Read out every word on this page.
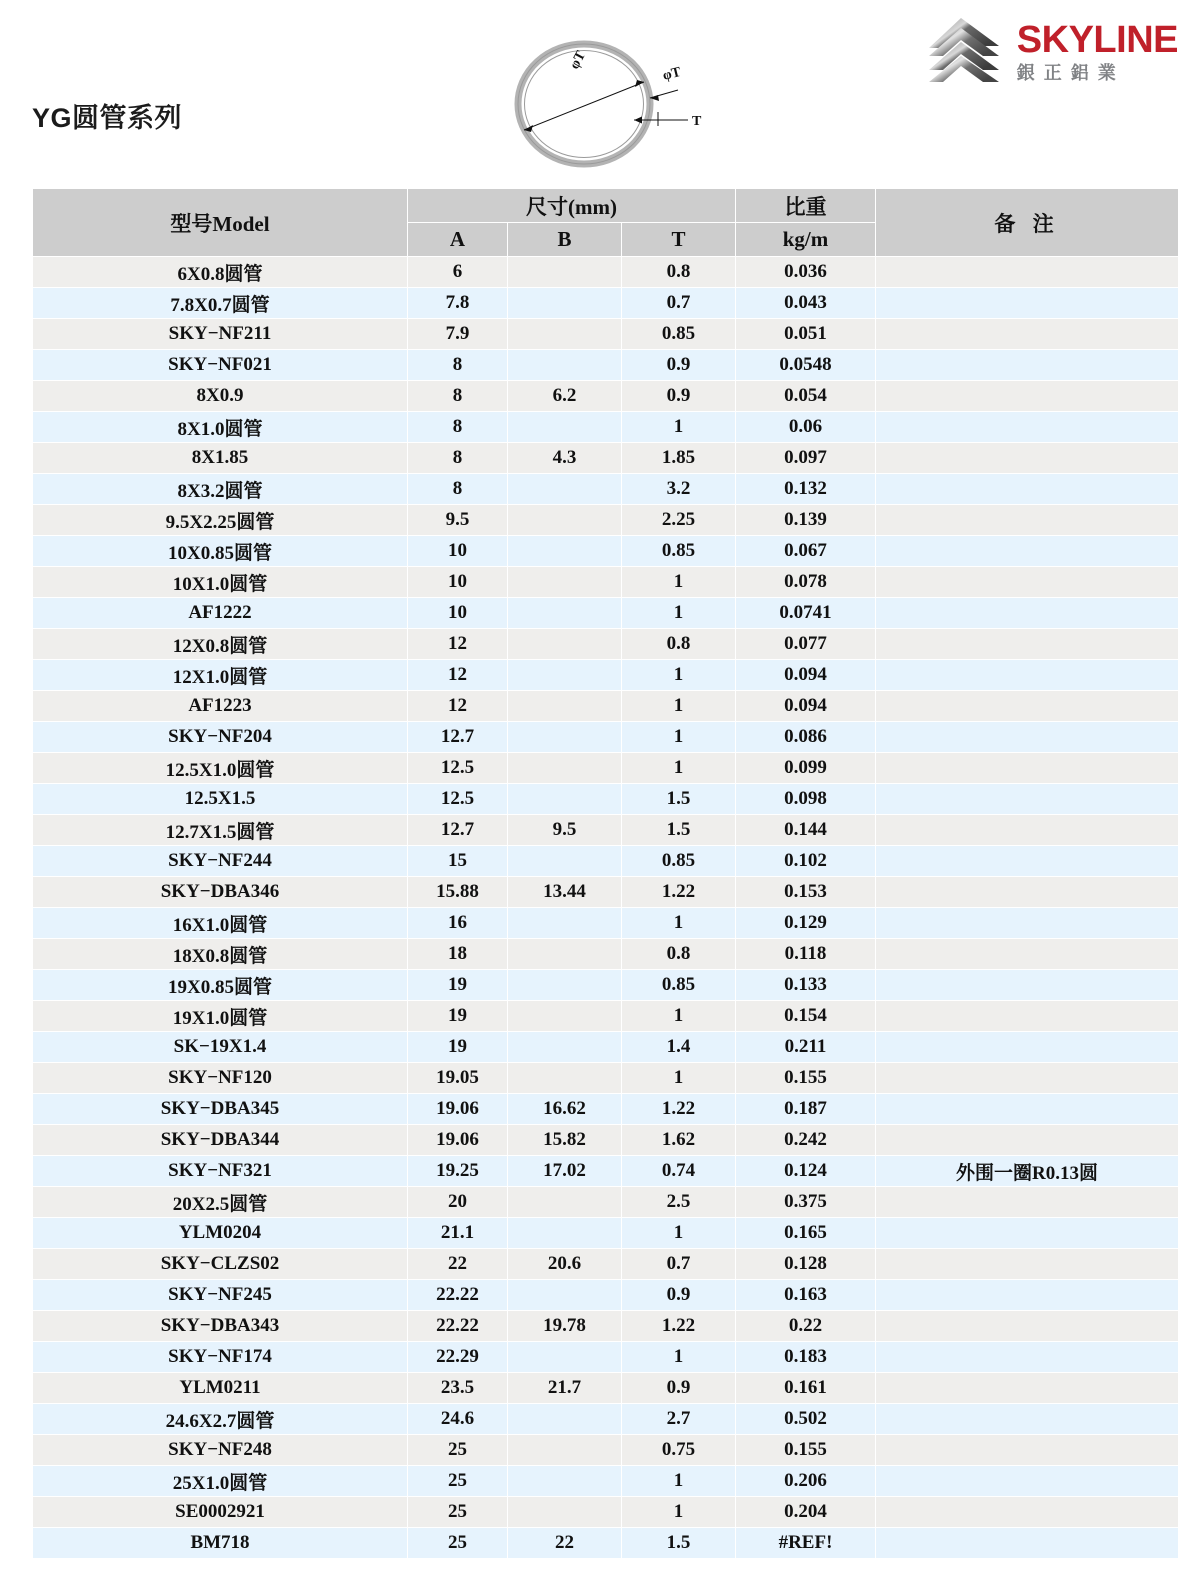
YG圆管系列
φT
φT
T
SKYLINE
銀正鋁業
型号Model	尺寸(mm)			比重	备 注
	A	B	T	kg/m	
6X0.8圆管	6		0.8	0.036	
7.8X0.7圆管	7.8		0.7	0.043	
SKY−NF211	7.9		0.85	0.051	
SKY−NF021	8		0.9	0.0548	
8X0.9	8	6.2	0.9	0.054	
8X1.0圆管	8		1	0.06	
8X1.85	8	4.3	1.85	0.097	
8X3.2圆管	8		3.2	0.132	
9.5X2.25圆管	9.5		2.25	0.139	
10X0.85圆管	10		0.85	0.067	
10X1.0圆管	10		1	0.078	
AF1222	10		1	0.0741	
12X0.8圆管	12		0.8	0.077	
12X1.0圆管	12		1	0.094	
AF1223	12		1	0.094	
SKY−NF204	12.7		1	0.086	
12.5X1.0圆管	12.5		1	0.099	
12.5X1.5	12.5		1.5	0.098	
12.7X1.5圆管	12.7	9.5	1.5	0.144	
SKY−NF244	15		0.85	0.102	
SKY−DBA346	15.88	13.44	1.22	0.153	
16X1.0圆管	16		1	0.129	
18X0.8圆管	18		0.8	0.118	
19X0.85圆管	19		0.85	0.133	
19X1.0圆管	19		1	0.154	
SK−19X1.4	19		1.4	0.211	
SKY−NF120	19.05		1	0.155	
SKY−DBA345	19.06	16.62	1.22	0.187	
SKY−DBA344	19.06	15.82	1.62	0.242	
SKY−NF321	19.25	17.02	0.74	0.124	外围一圈R0.13圆
20X2.5圆管	20		2.5	0.375	
YLM0204	21.1		1	0.165	
SKY−CLZS02	22	20.6	0.7	0.128	
SKY−NF245	22.22		0.9	0.163	
SKY−DBA343	22.22	19.78	1.22	0.22	
SKY−NF174	22.29		1	0.183	
YLM0211	23.5	21.7	0.9	0.161	
24.6X2.7圆管	24.6		2.7	0.502	
SKY−NF248	25		0.75	0.155	
25X1.0圆管	25		1	0.206	
SE0002921	25		1	0.204	
BM718	25	22	1.5	#REF!	
